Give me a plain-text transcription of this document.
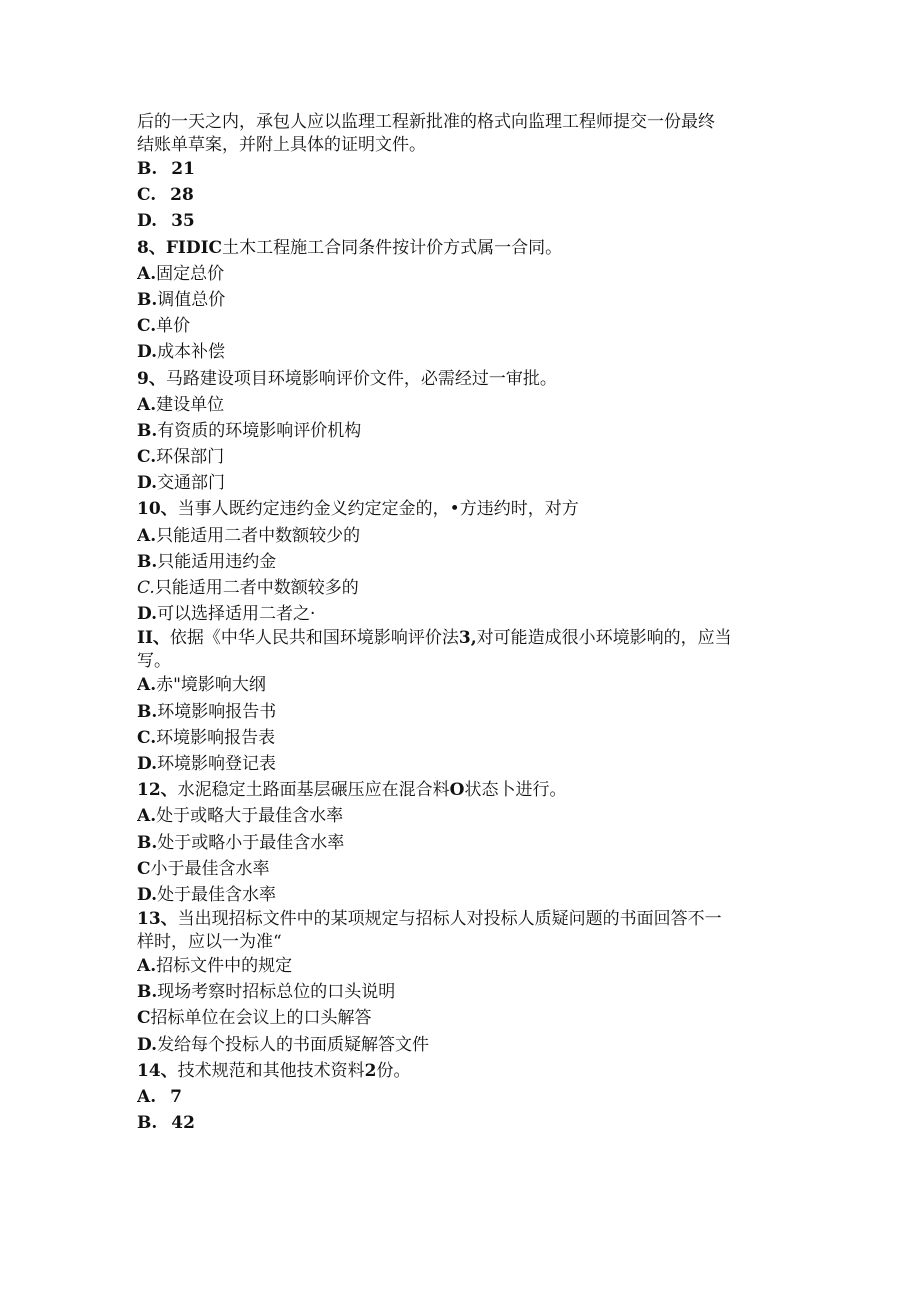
后的一天之内，承包人应以监理工程新批准的格式向监理工程师提交一份最终
结账单草案，并附上具体的证明文件。
B. 21
C. 28
D. 35
8、FIDIC土木工程施工合同条件按计价方式属一合同。
A.固定总价
B.调值总价
C.单价
D.成本补偿
9、马路建设项目环境影响评价文件，必需经过一审批。
A.建设单位
B.有资质的环境影响评价机构
C.环保部门
D.交通部门
10、当事人既约定违约金义约定定金的，•方违约时，对方
A.只能适用二者中数额较少的
B.只能适用违约金
C.只能适用二者中数额较多的
D.可以选择适用二者之·
II、依据《中华人民共和国环境影响评价法3,对可能造成很小环境影响的，应当
写。
A.赤"境影响大纲
B.环境影响报告书
C.环境影响报告表
D.环境影响登记表
12、水泥稳定土路面基层碾压应在混合料O状态卜进行。
A.处于或略大于最佳含水率
B.处于或略小于最佳含水率
C小于最佳含水率
D.处于最佳含水率
13、当出现招标文件中的某项规定与招标人对投标人质疑问题的书面回答不一
样时，应以一为准“
A.招标文件中的规定
B.现场考察时招标总位的口头说明
C招标单位在会议上的口头解答
D.发给每个投标人的书面质疑解答文件
14、技术规范和其他技术资料2份。
A. 7
B. 42
